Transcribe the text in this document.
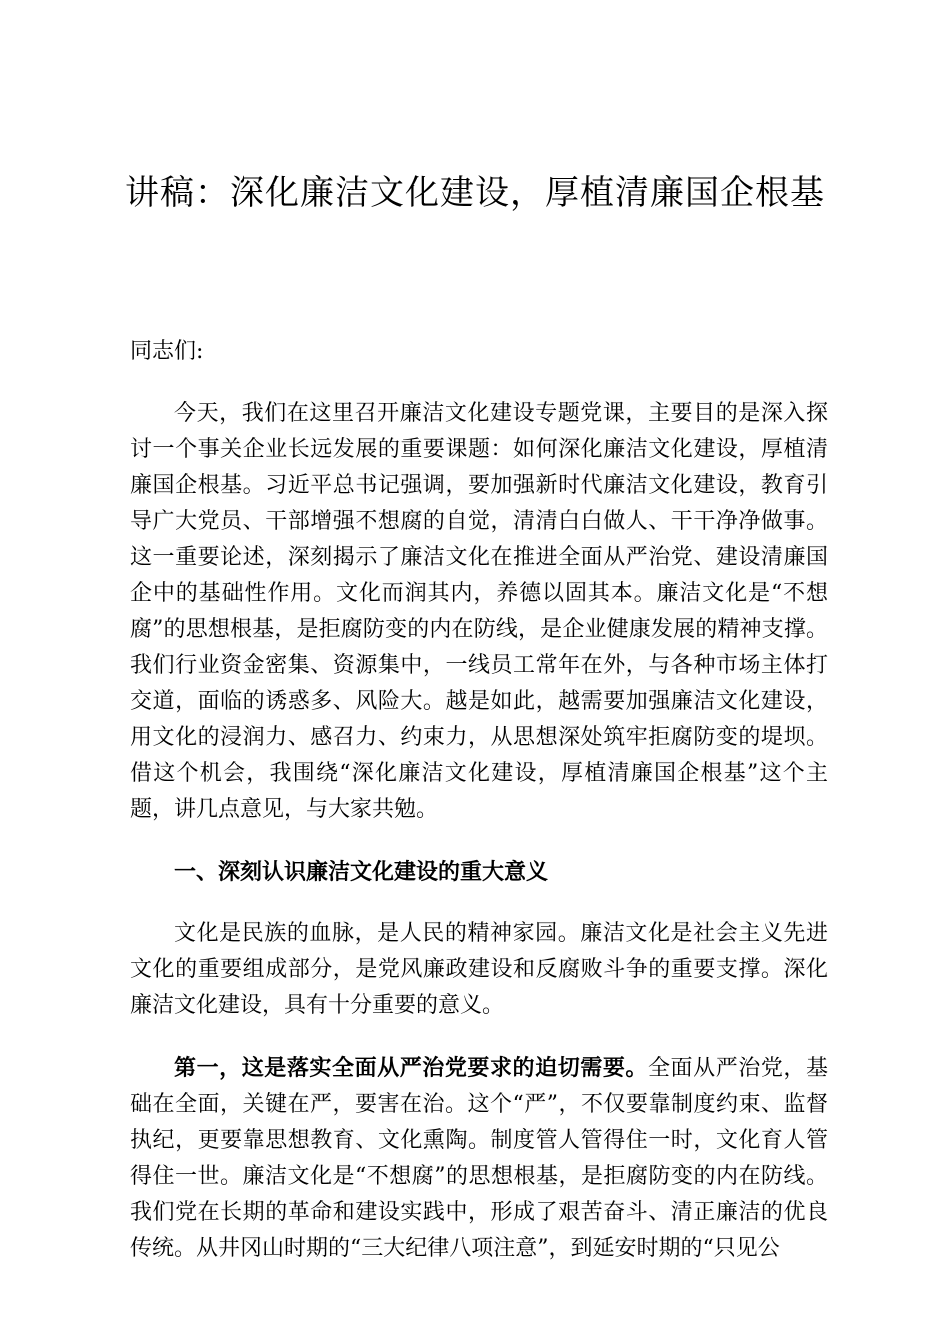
讲稿：深化廉洁文化建设，厚植清廉国企根基

同志们:

今天，我们在这里召开廉洁文化建设专题党课，主要目的是深入探讨一个事关企业长远发展的重要课题：如何深化廉洁文化建设，厚植清廉国企根基。习近平总书记强调，要加强新时代廉洁文化建设，教育引导广大党员、干部增强不想腐的自觉，清清白白做人、干干净净做事。这一重要论述，深刻揭示了廉洁文化在推进全面从严治党、建设清廉国企中的基础性作用。文化而润其内，养德以固其本。廉洁文化是“不想腐”的思想根基，是拒腐防变的内在防线，是企业健康发展的精神支撑。我们行业资金密集、资源集中，一线员工常年在外，与各种市场主体打交道，面临的诱惑多、风险大。越是如此，越需要加强廉洁文化建设，用文化的浸润力、感召力、约束力，从思想深处筑牢拒腐防变的堤坝。借这个机会，我围绕“深化廉洁文化建设，厚植清廉国企根基”这个主题，讲几点意见，与大家共勉。

一、深刻认识廉洁文化建设的重大意义

文化是民族的血脉，是人民的精神家园。廉洁文化是社会主义先进文化的重要组成部分，是党风廉政建设和反腐败斗争的重要支撑。深化廉洁文化建设，具有十分重要的意义。

第一，这是落实全面从严治党要求的迫切需要。全面从严治党，基础在全面，关键在严，要害在治。这个“严”，不仅要靠制度约束、监督执纪，更要靠思想教育、文化熏陶。制度管人管得住一时，文化育人管得住一世。廉洁文化是“不想腐”的思想根基，是拒腐防变的内在防线。我们党在长期的革命和建设实践中，形成了艰苦奋斗、清正廉洁的优良传统。从井冈山时期的“三大纪律八项注意”，到延安时期的“只见公
